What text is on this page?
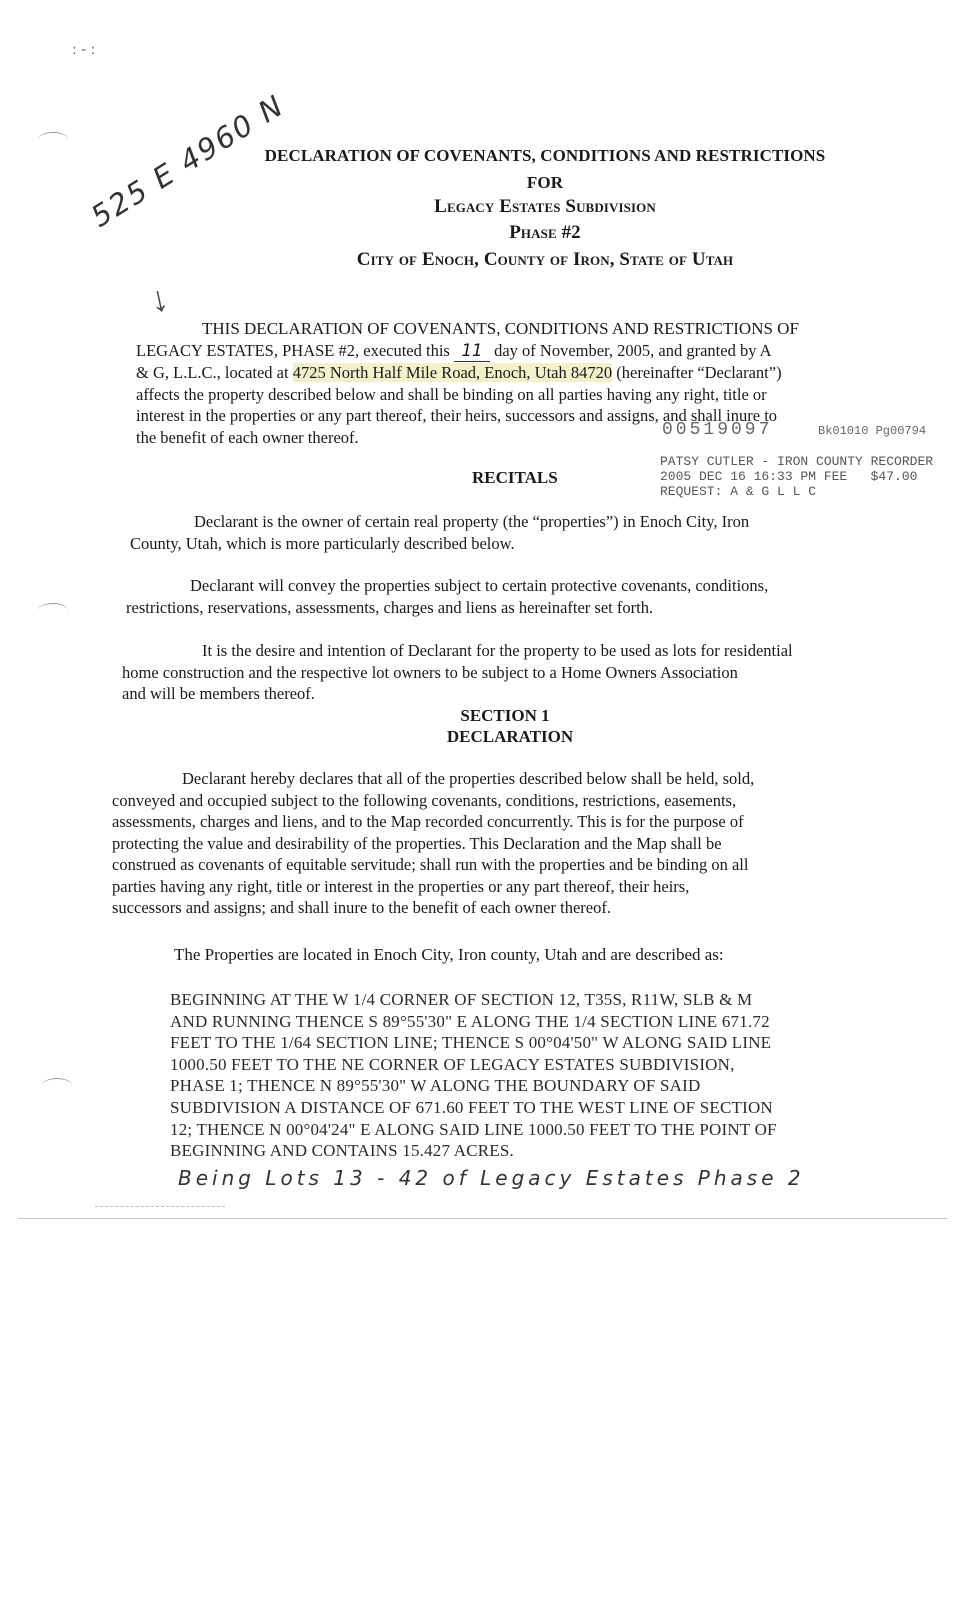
: - :
525 E 4960 N
↓
DECLARATION OF COVENANTS, CONDITIONS AND RESTRICTIONS
FOR
Legacy Estates Subdivision
Phase #2
City of Enoch, County of Iron, State of Utah
THIS DECLARATION OF COVENANTS, CONDITIONS AND RESTRICTIONS OF
LEGACY ESTATES, PHASE #2, executed this 11 day of November, 2005, and granted by A
& G, L.L.C., located at 4725 North Half Mile Road, Enoch, Utah 84720 (hereinafter “Declarant”)
affects the property described below and shall be binding on all parties having any right, title or
interest in the properties or any part thereof, their heirs, successors and assigns, and shall inure to
the benefit of each owner thereof.	00519097	Bk01010 Pg00794
PATSY CUTLER - IRON COUNTY RECORDER
2005 DEC 16 16:33 PM FEE   $47.00
REQUEST: A & G L L C
RECITALS
Declarant is the owner of certain real property (the “properties”) in Enoch City, Iron
County, Utah, which is more particularly described below.
Declarant will convey the properties subject to certain protective covenants, conditions,
restrictions, reservations, assessments, charges and liens as hereinafter set forth.
It is the desire and intention of Declarant for the property to be used as lots for residential
home construction and the respective lot owners to be subject to a Home Owners Association
and will be members thereof.
SECTION 1
DECLARATION
Declarant hereby declares that all of the properties described below shall be held, sold,
conveyed and occupied subject to the following covenants, conditions, restrictions, easements,
assessments, charges and liens, and to the Map recorded concurrently. This is for the purpose of
protecting the value and desirability of the properties. This Declaration and the Map shall be
construed as covenants of equitable servitude; shall run with the properties and be binding on all
parties having any right, title or interest in the properties or any part thereof, their heirs,
successors and assigns; and shall inure to the benefit of each owner thereof.
The Properties are located in Enoch City, Iron county, Utah and are described as:
BEGINNING AT THE W 1/4 CORNER OF SECTION 12, T35S, R11W, SLB & M
AND RUNNING THENCE S 89°55'30" E ALONG THE 1/4 SECTION LINE 671.72
FEET TO THE 1/64 SECTION LINE; THENCE S 00°04'50" W ALONG SAID LINE
1000.50 FEET TO THE NE CORNER OF LEGACY ESTATES SUBDIVISION,
PHASE 1; THENCE N 89°55'30" W ALONG THE BOUNDARY OF SAID
SUBDIVISION A DISTANCE OF 671.60 FEET TO THE WEST LINE OF SECTION
12; THENCE N 00°04'24" E ALONG SAID LINE 1000.50 FEET TO THE POINT OF
BEGINNING AND CONTAINS 15.427 ACRES.
Being Lots 13 - 42 of Legacy Estates Phase 2
